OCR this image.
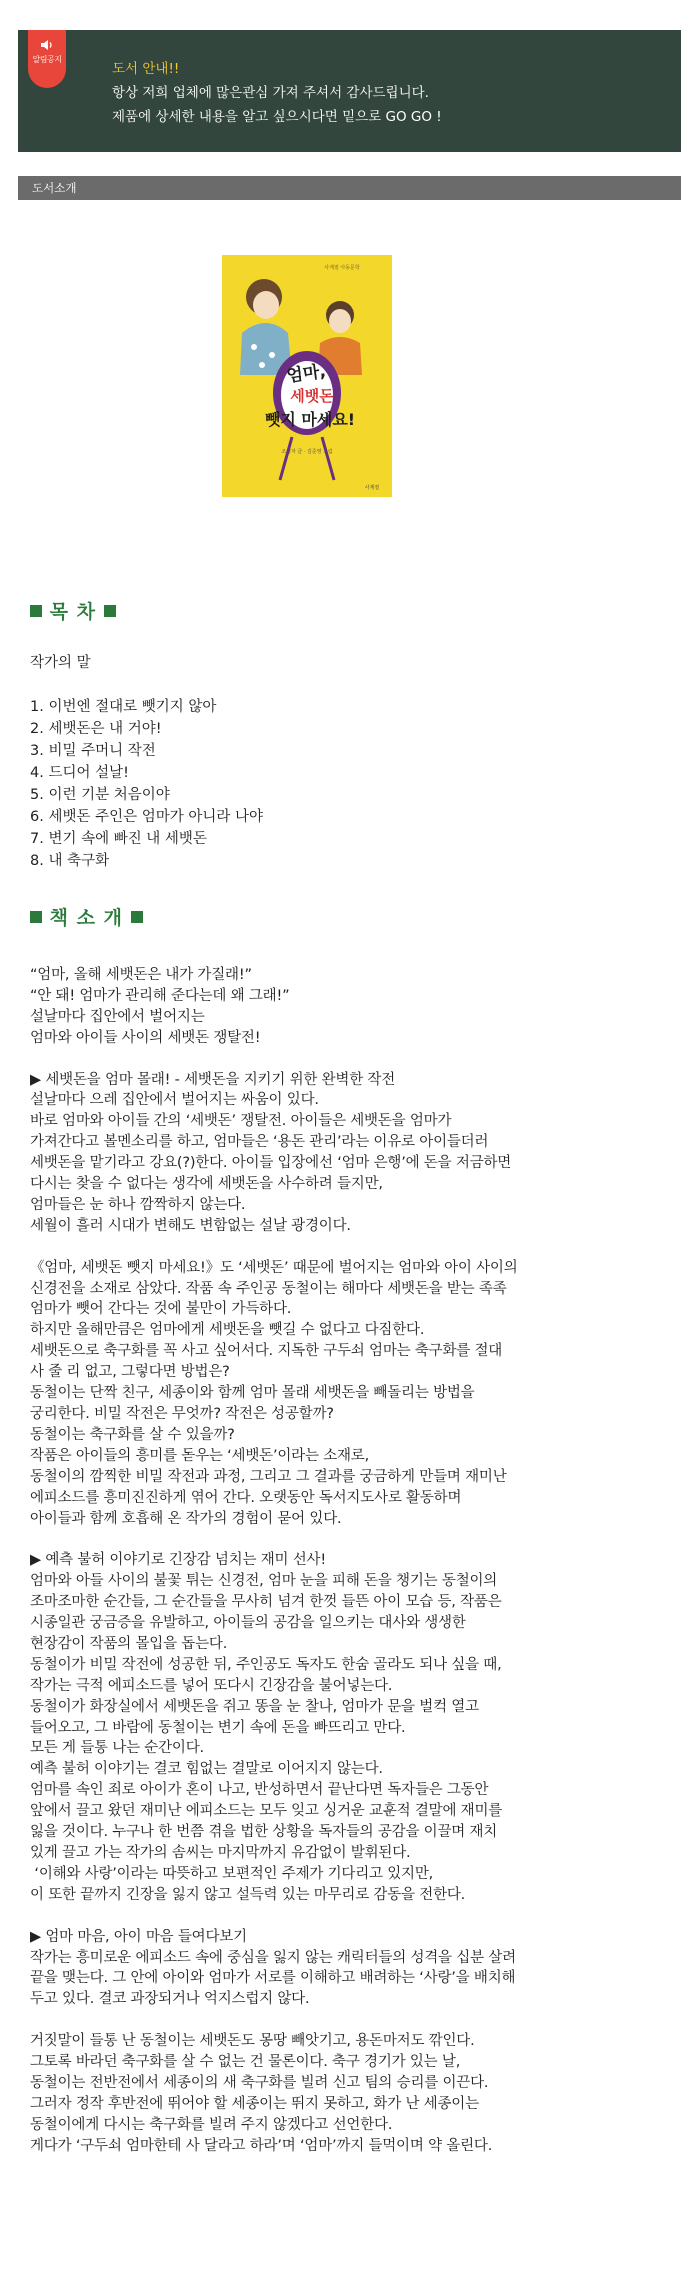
알림공지
도서 안내!!
항상 저희 업체에 많은관심 가져 주셔서 감사드립니다.
제품에 상세한 내용을 알고 싶으시다면 밑으로 GO GO !
도서소개
사계절 아동문학
엄마,
세뱃돈
뺏지 마세요!
조성자 글 · 김준영 그림
사계절
목 차
작가의 말
1. 이번엔 절대로 뺏기지 않아
2. 세뱃돈은 내 거야!
3. 비밀 주머니 작전
4. 드디어 설날!
5. 이런 기분 처음이야
6. 세뱃돈 주인은 엄마가 아니라 나야
7. 변기 속에 빠진 내 세뱃돈
8. 내 축구화
책 소 개
“엄마, 올해 세뱃돈은 내가 가질래!”
“안 돼! 엄마가 관리해 준다는데 왜 그래!”
설날마다 집안에서 벌어지는
엄마와 아이들 사이의 세뱃돈 쟁탈전!
▶ 세뱃돈을 엄마 몰래! - 세뱃돈을 지키기 위한 완벽한 작전
설날마다 으레 집안에서 벌어지는 싸움이 있다.
바로 엄마와 아이들 간의 ‘세뱃돈’ 쟁탈전. 아이들은 세뱃돈을 엄마가
가져간다고 볼멘소리를 하고, 엄마들은 ‘용돈 관리’라는 이유로 아이들더러
세뱃돈을 맡기라고 강요(?)한다. 아이들 입장에선 ‘엄마 은행’에 돈을 저금하면
다시는 찾을 수 없다는 생각에 세뱃돈을 사수하려 들지만,
엄마들은 눈 하나 깜짝하지 않는다.
세월이 흘러 시대가 변해도 변함없는 설날 광경이다.
《엄마, 세뱃돈 뺏지 마세요!》도 ‘세뱃돈’ 때문에 벌어지는 엄마와 아이 사이의
신경전을 소재로 삼았다. 작품 속 주인공 동철이는 해마다 세뱃돈을 받는 족족
엄마가 뺏어 간다는 것에 불만이 가득하다.
하지만 올해만큼은 엄마에게 세뱃돈을 뺏길 수 없다고 다짐한다.
세뱃돈으로 축구화를 꼭 사고 싶어서다. 지독한 구두쇠 엄마는 축구화를 절대
사 줄 리 없고, 그렇다면 방법은?
동철이는 단짝 친구, 세종이와 함께 엄마 몰래 세뱃돈을 빼돌리는 방법을
궁리한다. 비밀 작전은 무엇까? 작전은 성공할까?
동철이는 축구화를 살 수 있을까?
작품은 아이들의 흥미를 돋우는 ‘세뱃돈’이라는 소재로,
동철이의 깜찍한 비밀 작전과 과정, 그리고 그 결과를 궁금하게 만들며 재미난
에피소드를 흥미진진하게 엮어 간다. 오랫동안 독서지도사로 활동하며
아이들과 함께 호흡해 온 작가의 경험이 묻어 있다.
▶ 예측 불허 이야기로 긴장감 넘치는 재미 선사!
엄마와 아들 사이의 불꽃 튀는 신경전, 엄마 눈을 피해 돈을 챙기는 동철이의
조마조마한 순간들, 그 순간들을 무사히 넘겨 한껏 들뜬 아이 모습 등, 작품은
시종일관 궁금증을 유발하고, 아이들의 공감을 일으키는 대사와 생생한
현장감이 작품의 몰입을 돕는다.
동철이가 비밀 작전에 성공한 뒤, 주인공도 독자도 한숨 골라도 되나 싶을 때,
작가는 극적 에피소드를 넣어 또다시 긴장감을 불어넣는다.
동철이가 화장실에서 세뱃돈을 쥐고 똥을 눈 찰나, 엄마가 문을 벌컥 열고
들어오고, 그 바람에 동철이는 변기 속에 돈을 빠뜨리고 만다.
모든 게 들통 나는 순간이다.
예측 불허 이야기는 결코 힘없는 결말로 이어지지 않는다.
엄마를 속인 죄로 아이가 혼이 나고, 반성하면서 끝난다면 독자들은 그동안
앞에서 끌고 왔던 재미난 에피소드는 모두 잊고 싱거운 교훈적 결말에 재미를
잃을 것이다. 누구나 한 번쯤 겪을 법한 상황을 독자들의 공감을 이끌며 재치
있게 끌고 가는 작가의 솜씨는 마지막까지 유감없이 발휘된다.
‘이해와 사랑’이라는 따뜻하고 보편적인 주제가 기다리고 있지만,
이 또한 끝까지 긴장을 잃지 않고 설득력 있는 마무리로 감동을 전한다.
▶ 엄마 마음, 아이 마음 들여다보기
작가는 흥미로운 에피소드 속에 중심을 잃지 않는 캐릭터들의 성격을 십분 살려
끝을 맺는다. 그 안에 아이와 엄마가 서로를 이해하고 배려하는 ‘사랑’을 배치해
두고 있다. 결코 과장되거나 억지스럽지 않다.
거짓말이 들통 난 동철이는 세뱃돈도 몽땅 빼앗기고, 용돈마저도 깎인다.
그토록 바라던 축구화를 살 수 없는 건 물론이다. 축구 경기가 있는 날,
동철이는 전반전에서 세종이의 새 축구화를 빌려 신고 팀의 승리를 이끈다.
그러자 정작 후반전에 뛰어야 할 세종이는 뛰지 못하고, 화가 난 세종이는
동철이에게 다시는 축구화를 빌려 주지 않겠다고 선언한다.
게다가 ‘구두쇠 엄마한테 사 달라고 하라’며 ‘엄마’까지 들먹이며 약 올린다.
